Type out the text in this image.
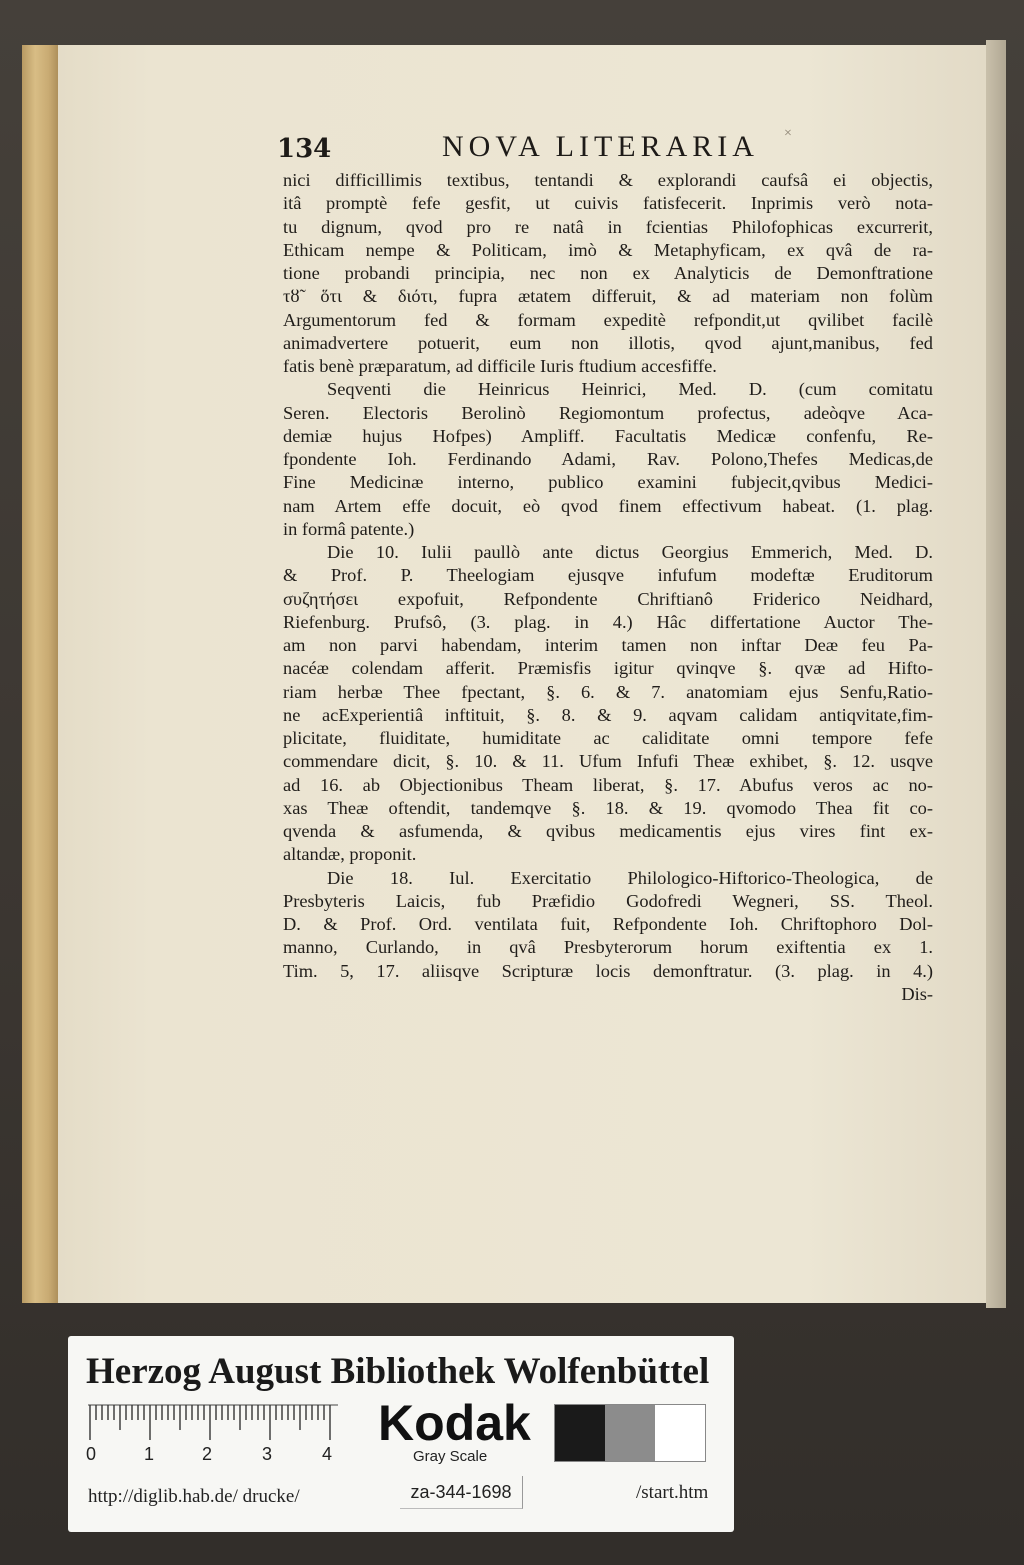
×
134	NOVA LITERARIA
nici difficillimis textibus, tentandi & explorandi caufsâ ei objectis,
itâ promptè fefe gesfit, ut cuivis fatisfecerit. Inprimis verò nota-
tu dignum, qvod pro re natâ in fcientias Philofophicas excurrerit,
Ethicam nempe & Politicam, imò & Metaphyficam, ex qvâ de ra-
tione probandi principia, nec non ex Analyticis de Demonftratione
τȣ̃ ὅτι & διότι, fupra ætatem differuit, & ad materiam non folùm
Argumentorum fed & formam expeditè refpondit,ut qvilibet facilè
animadvertere potuerit, eum non illotis, qvod ajunt,manibus, fed
fatis benè præparatum, ad difficile Iuris ftudium accesfiffe.
Seqventi die Heinricus Heinrici, Med. D. (cum comitatu
Seren. Electoris Berolinò Regiomontum profectus, adeòqve Aca-
demiæ hujus Hofpes) Ampliff. Facultatis Medicæ confenfu, Re-
fpondente Ioh. Ferdinando Adami, Rav. Polono,Thefes Medicas,de
Fine Medicinæ interno, publico examini fubjecit,qvibus Medici-
nam Artem effe docuit, eò qvod finem effectivum habeat. (1. plag.
in formâ patente.)
Die 10. Iulii paullò ante dictus Georgius Emmerich, Med. D.
& Prof. P. Theelogiam ejusqve infufum modeftæ Eruditorum
συζητήσει expofuit, Refpondente Chriftianô Friderico Neidhard,
Riefenburg. Prufsô, (3. plag. in 4.) Hâc differtatione Auctor The-
am non parvi habendam, interim tamen non inftar Deæ feu Pa-
nacéæ colendam afferit. Præmisfis igitur qvinqve §. qvæ ad Hifto-
riam herbæ Thee fpectant, §. 6. & 7. anatomiam ejus Senfu,Ratio-
ne acExperientiâ inftituit, §. 8. & 9. aqvam calidam antiqvitate,fim-
plicitate, fluiditate, humiditate ac caliditate omni tempore fefe
commendare dicit, §. 10. & 11. Ufum Infufi Theæ exhibet, §. 12. usqve
ad 16. ab Objectionibus Theam liberat, §. 17. Abufus veros ac no-
xas Theæ oftendit, tandemqve §. 18. & 19. qvomodo Thea fit co-
qvenda & asfumenda, & qvibus medicamentis ejus vires fint ex-
altandæ, proponit.
Die 18. Iul. Exercitatio Philologico-Hiftorico-Theologica, de
Presbyteris Laicis, fub Præfidio Godofredi Wegneri, SS. Theol.
D. & Prof. Ord. ventilata fuit, Refpondente Ioh. Chriftophoro Dol-
manno, Curlando, in qvâ Presbyterorum horum exiftentia ex 1.
Tim. 5, 17. aliisqve Scripturæ locis demonftratur. (3. plag. in 4.)
Dis-
Herzog August Bibliothek Wolfenbüttel
0	1	2	3	4
Kodak
Gray Scale
http://diglib.hab.de/ drucke/	za-344-1698	/start.htm
